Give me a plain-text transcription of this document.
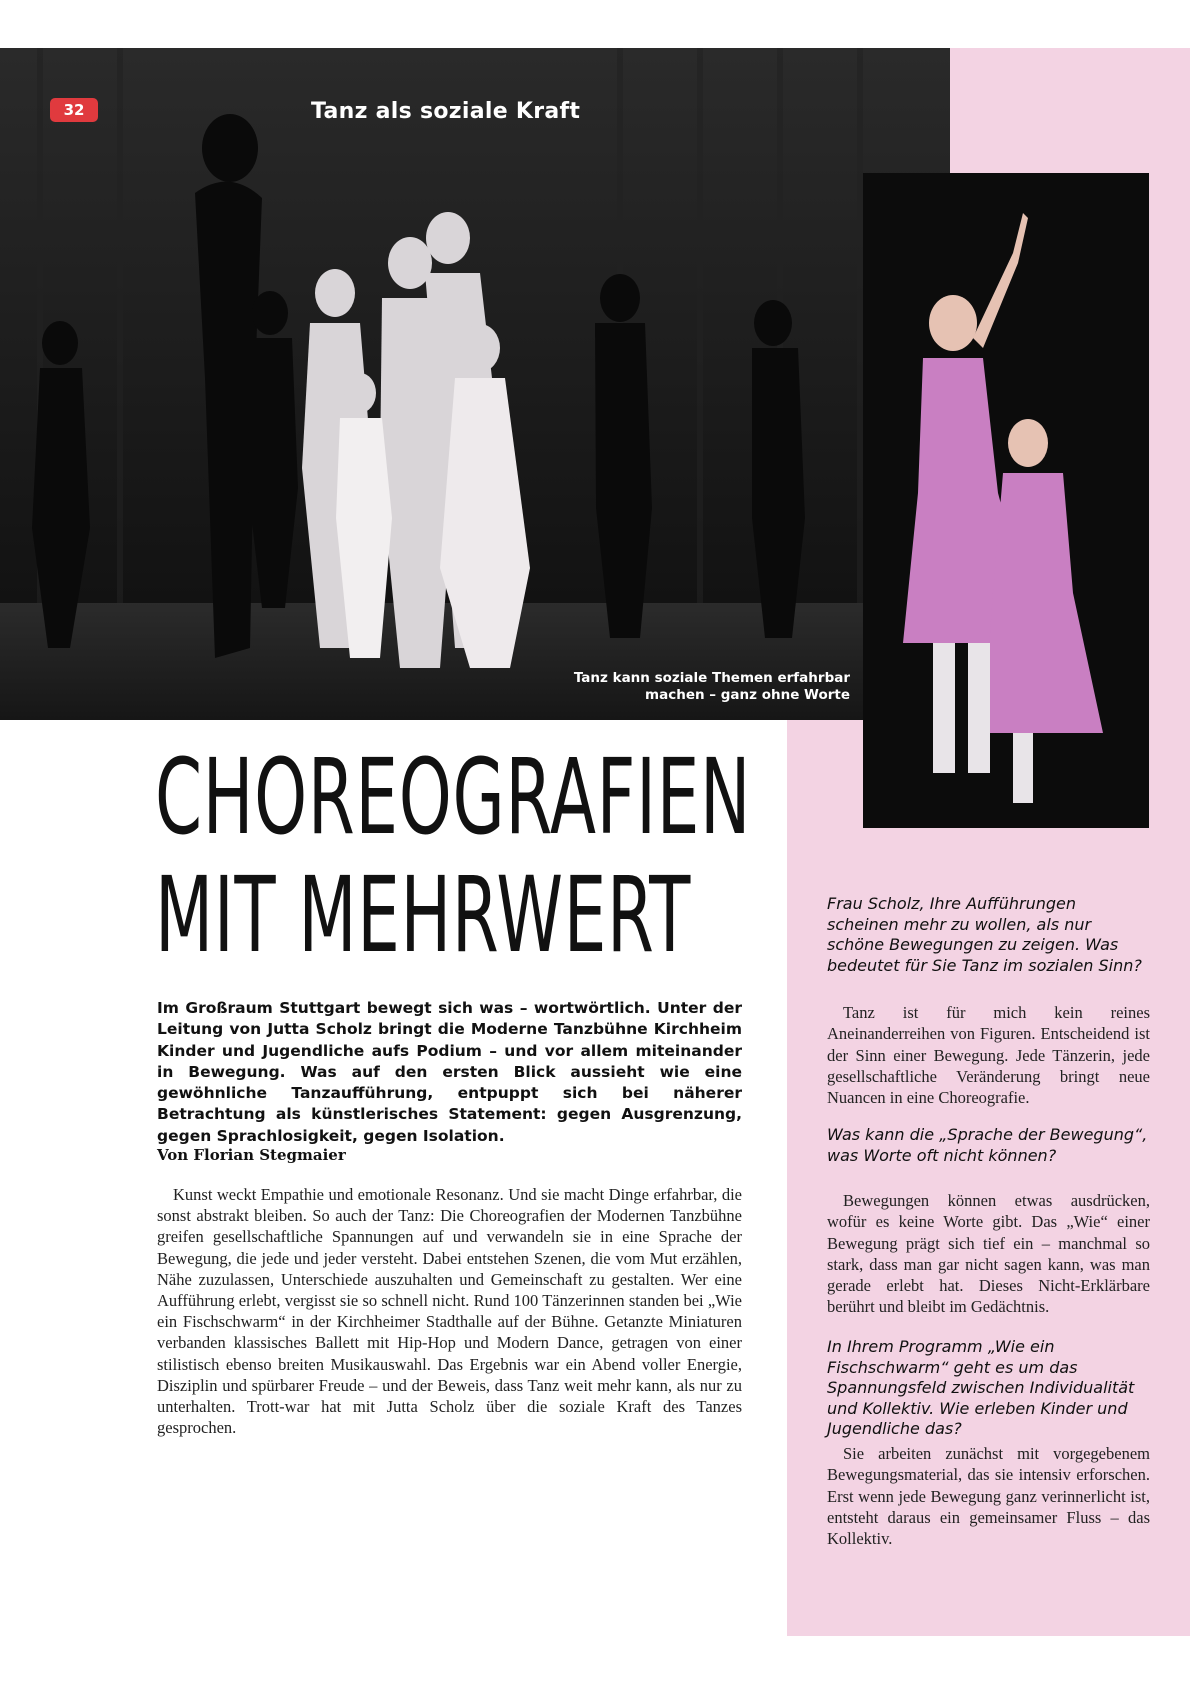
32	Tanz als soziale Kraft
Tanz kann soziale Themen erfahrbar
machen – ganz ohne Worte
CHOREOGRAFIEN
MIT MEHRWERT

Im Großraum Stuttgart bewegt sich was – wortwörtlich. Unter der Leitung von Jutta Scholz bringt die Moderne Tanzbühne Kirchheim Kinder und Jugendliche aufs Podium – und vor allem miteinander in Bewegung. Was auf den ersten Blick aussieht wie eine gewöhnliche Tanzaufführung, entpuppt sich bei näherer Betrachtung als künstlerisches Statement: gegen Ausgrenzung, gegen Sprachlosigkeit, gegen Isolation.

Von Florian Stegmaier

Kunst weckt Empathie und emotionale Resonanz. Und sie macht Dinge erfahrbar, die sonst abstrakt bleiben. So auch der Tanz: Die Choreografien der Modernen Tanzbühne greifen gesellschaftliche Spannungen auf und verwandeln sie in eine Sprache der Bewegung, die jede und jeder versteht. Dabei entstehen Szenen, die vom Mut erzählen, Nähe zuzulassen, Unterschiede auszuhalten und Gemeinschaft zu gestalten. Wer eine Aufführung erlebt, vergisst sie so schnell nicht. Rund 100 Tänzerinnen standen bei „Wie ein Fischschwarm“ in der Kirchheimer Stadthalle auf der Bühne. Getanzte Miniaturen verbanden klassisches Ballett mit Hip-Hop und Modern Dance, getragen von einer stilistisch ebenso breiten Musikauswahl. Das Ergebnis war ein Abend voller Energie, Disziplin und spürbarer Freude – und der Beweis, dass Tanz weit mehr kann, als nur zu unterhalten. Trott-war hat mit Jutta Scholz über die soziale Kraft des Tanzes gesprochen.

Frau Scholz, Ihre Aufführungen scheinen mehr zu wollen, als nur schöne Bewegungen zu zeigen. Was bedeutet für Sie Tanz im sozialen Sinn?

Tanz ist für mich kein reines Aneinanderreihen von Figuren. Entscheidend ist der Sinn einer Bewegung. Jede Tänzerin, jede gesellschaftliche Veränderung bringt neue Nuancen in eine Choreografie.

Was kann die „Sprache der Bewegung“, was Worte oft nicht können?

Bewegungen können etwas ausdrücken, wofür es keine Worte gibt. Das „Wie“ einer Bewegung prägt sich tief ein – manchmal so stark, dass man gar nicht sagen kann, was man gerade erlebt hat. Dieses Nicht-Erklärbare berührt und bleibt im Gedächtnis.

In Ihrem Programm „Wie ein Fischschwarm“ geht es um das Spannungsfeld zwischen Individualität und Kollektiv. Wie erleben Kinder und Jugendliche das?

Sie arbeiten zunächst mit vorgegebenem Bewegungsmaterial, das sie intensiv erforschen. Erst wenn jede Bewegung ganz verinnerlicht ist, entsteht daraus ein gemeinsamer Fluss – das Kollektiv.
